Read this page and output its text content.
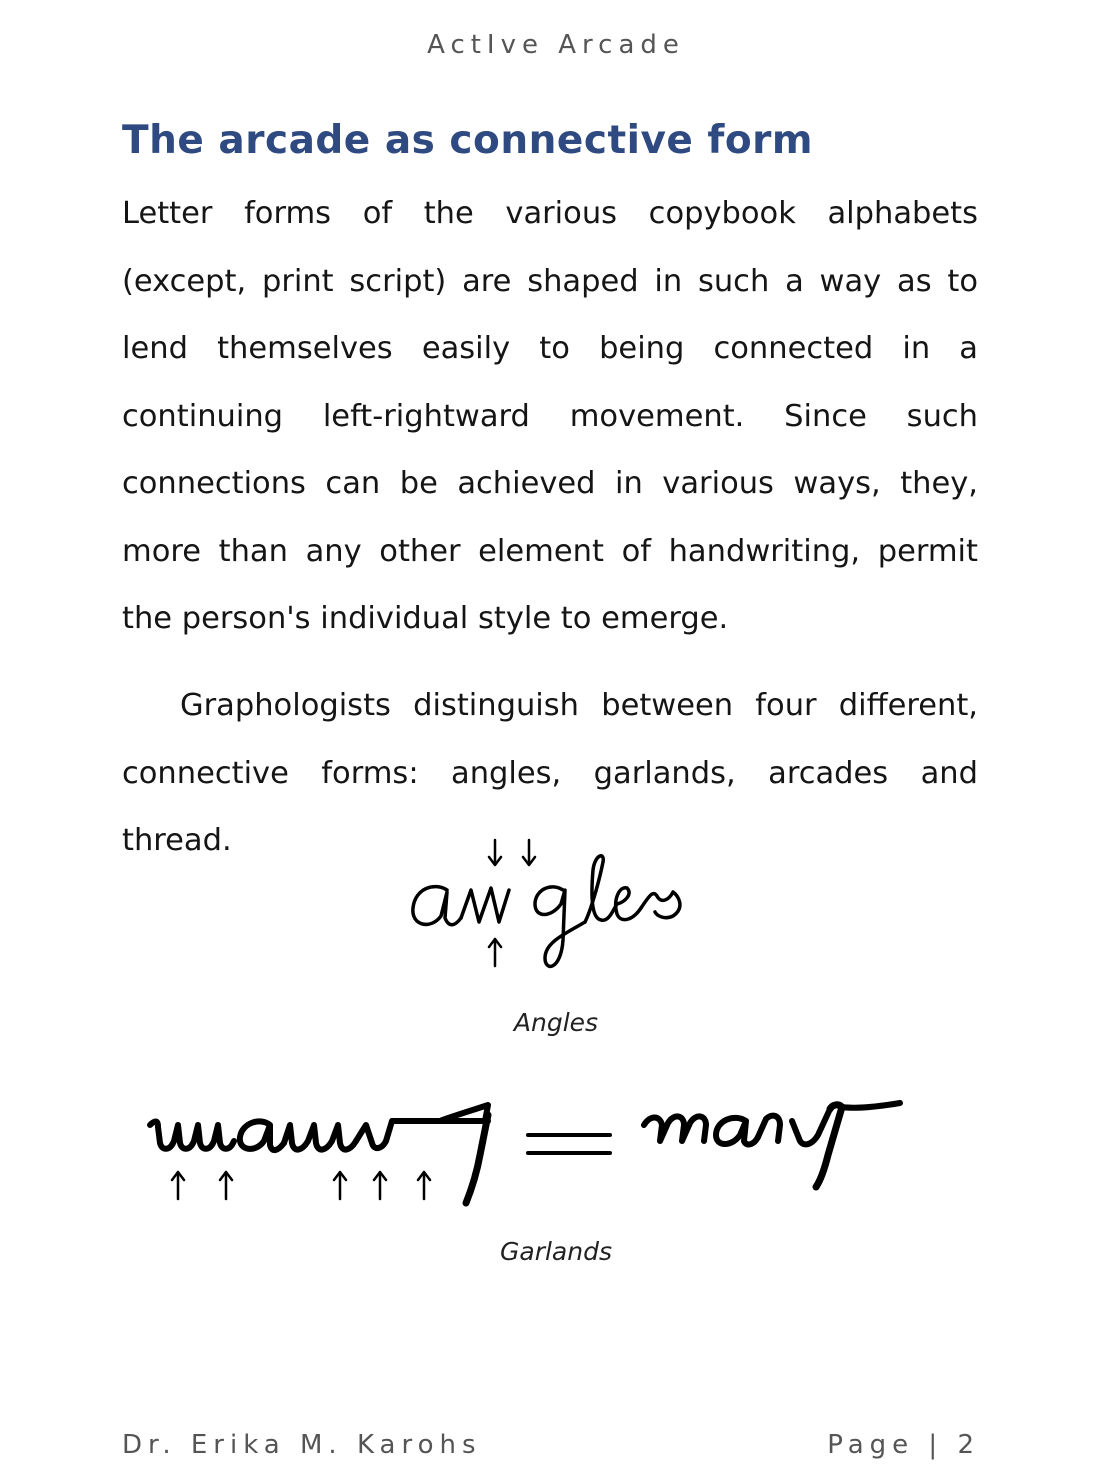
ActIve Arcade
The arcade as connective form

Letter forms of the various copybook alphabets (except, print script) are shaped in such a way as to lend themselves easily to being connected in a continuing left-rightward movement. Since such connections can be achieved in various ways, they, more than any other element of handwriting, permit the person's individual style to emerge.

Graphologists distinguish between four different, connective forms: angles, garlands, arcades and thread.

Angles
Garlands
Dr. Erika M. Karohs	Page | 2
